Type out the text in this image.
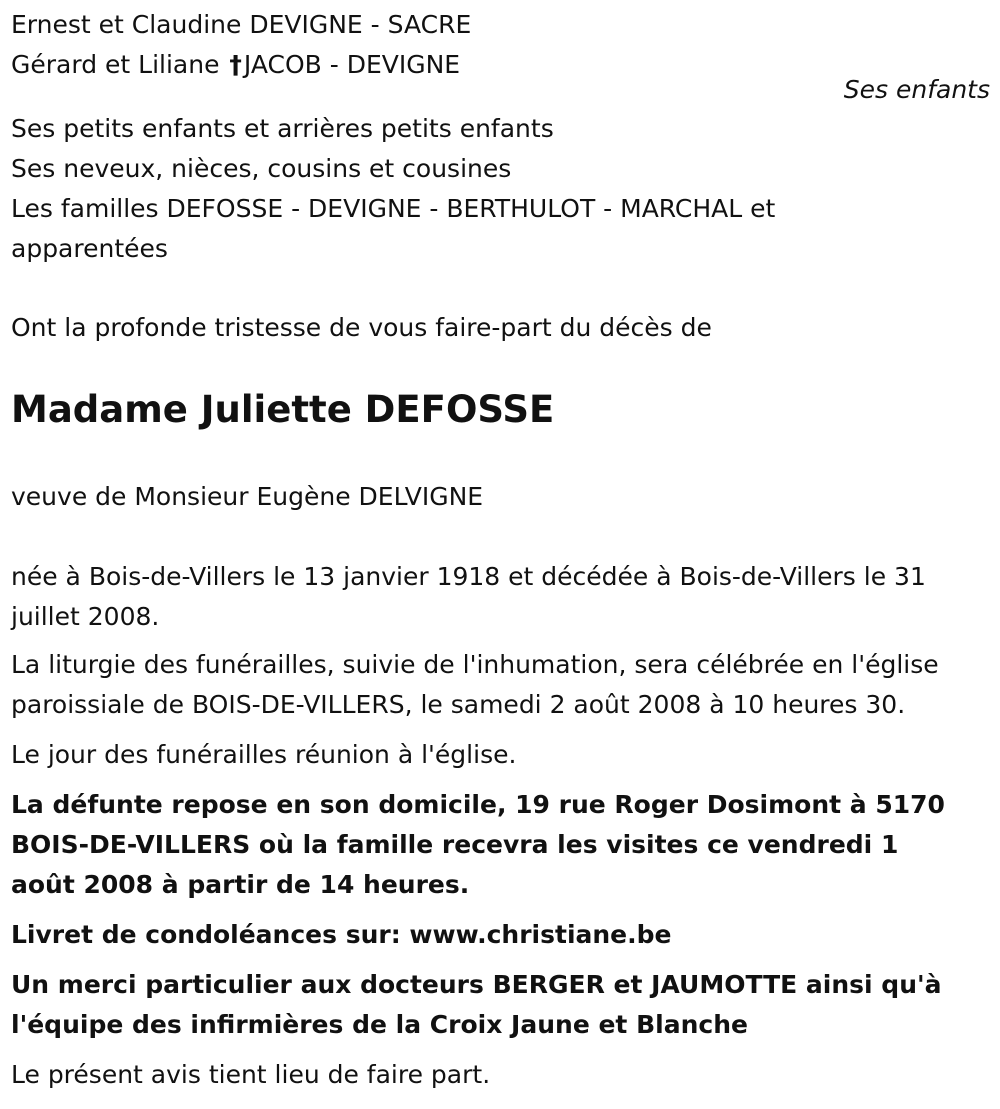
Ernest et Claudine DEVIGNE - SACRE

Gérard et Liliane †JACOB - DEVIGNE

Ses enfants

Ses petits enfants et arrières petits enfants

Ses neveux, nièces, cousins et cousines

Les familles DEFOSSE - DEVIGNE - BERTHULOT - MARCHAL et apparentées

Ont la profonde tristesse de vous faire-part du décès de

Madame Juliette DEFOSSE

veuve de Monsieur Eugène DELVIGNE

née à Bois-de-Villers le 13 janvier 1918 et décédée à Bois-de-Villers le 31 juillet 2008.

La liturgie des funérailles, suivie de l'inhumation, sera célébrée en l'église paroissiale de BOIS-DE-VILLERS, le samedi 2 août 2008 à 10 heures 30.

Le jour des funérailles réunion à l'église.

La défunte repose en son domicile, 19 rue Roger Dosimont à 5170 BOIS-DE-VILLERS où la famille recevra les visites ce vendredi 1 août 2008 à partir de 14 heures.

Livret de condoléances sur: www.christiane.be

Un merci particulier aux docteurs BERGER et JAUMOTTE ainsi qu'à l'équipe des infirmières de la Croix Jaune et Blanche

Le présent avis tient lieu de faire part.
